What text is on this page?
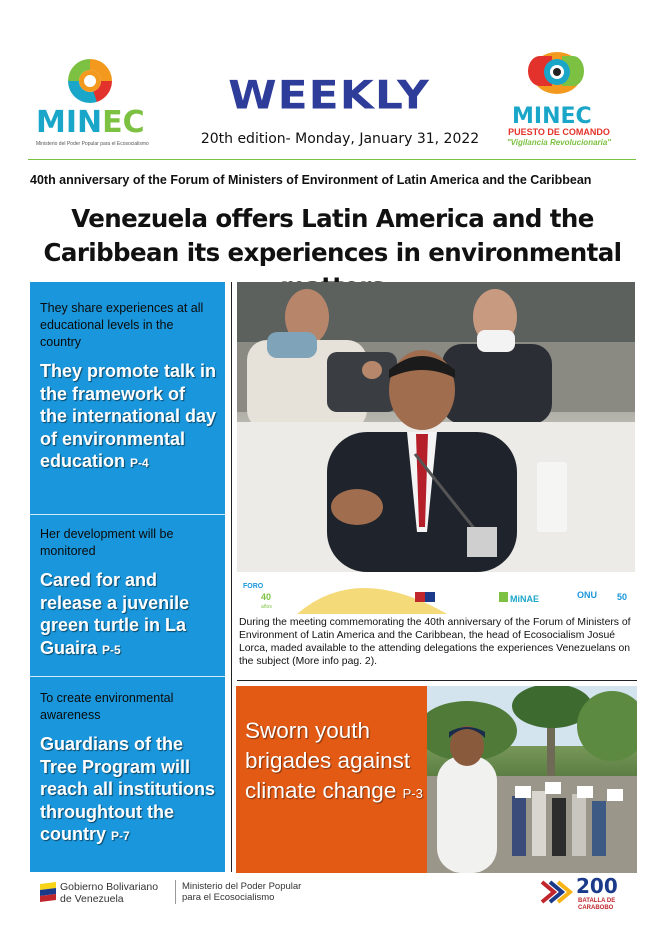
MINEC
Ministerio del Poder Popular para el Ecosocialismo
WEEKLY
20th edition- Monday, January 31, 2022
MINEC
PUESTO DE COMANDO
"Vigilancia Revolucionaria"
40th anniversary of the Forum of Ministers of Environment of Latin America and the Caribbean
Venezuela offers Latin America and the Caribbean its experiences in environmental
They share experiences at all educational levels in the country
They promote talk in the framework of the international day of environmental education P-4
Her development will be monitored
Cared for and release a juvenile green turtle in La Guaira P-5
To create environmental awareness
Guardians of the Tree Program will reach all institutions throughtout the country P-7
FORO
40
años
MiNAE	ONU 50
During the meeting commemorating the 40th anniversary of the Forum of Ministers of Environment of Latin America and the Caribbean, the head of Ecosocialism Josué Lorca, maded available to the attending delegations the experiences Venezuelans on the subject (More info pag. 2).
Sworn youth brigades against climate change P-3
Gobierno Bolivariano
de Venezuela
Ministerio del Poder Popular
para el Ecosocialismo	200
BATALLA DE
CARABOBO
